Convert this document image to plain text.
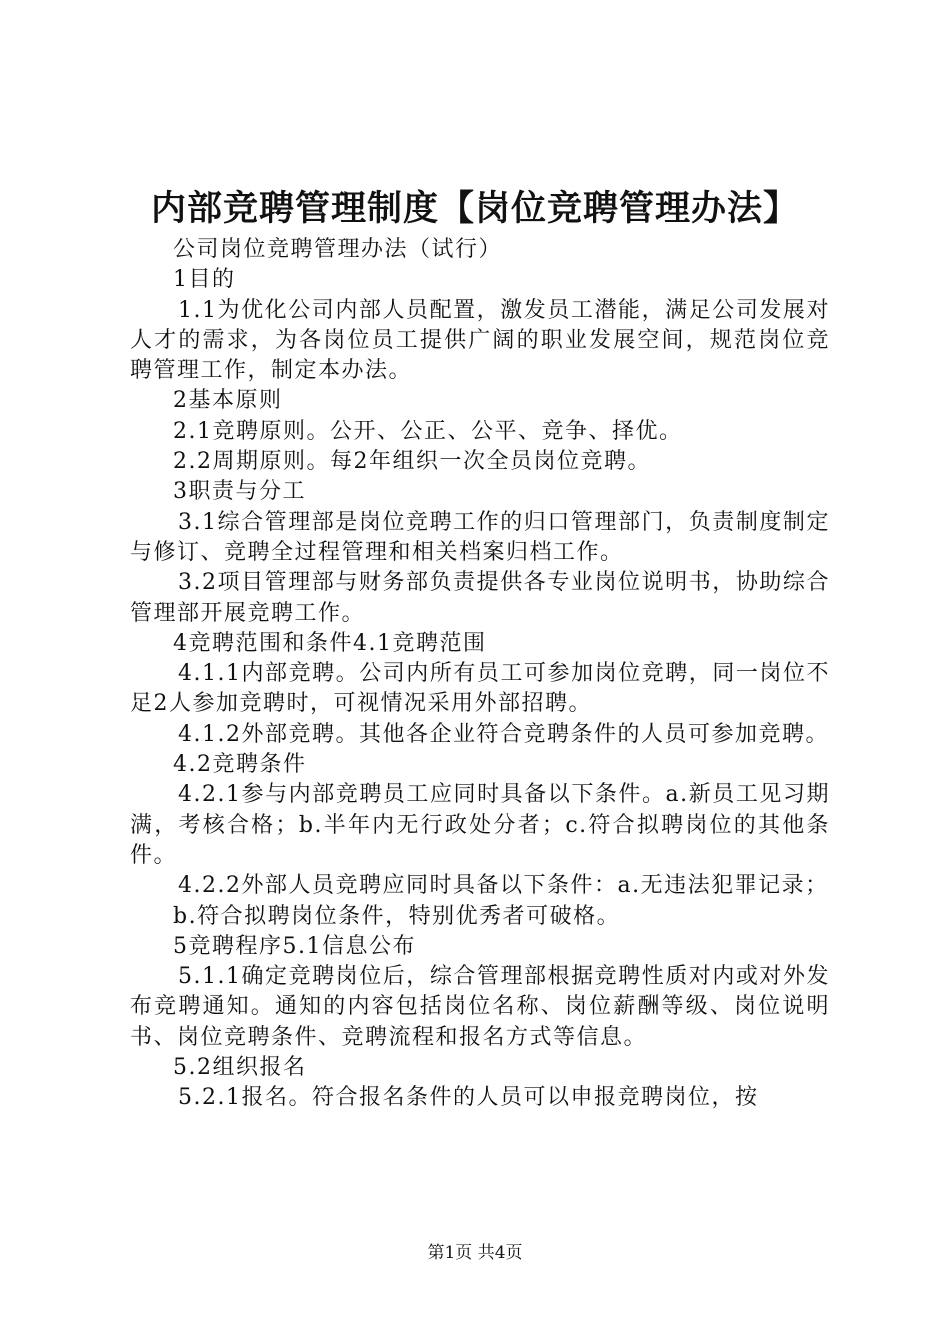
内部竞聘管理制度【岗位竞聘管理办法】

公司岗位竞聘管理办法（试行）

1目的

1.1为优化公司内部人员配置，激发员工潜能，满足公司发展对人才的需求，为各岗位员工提供广阔的职业发展空间，规范岗位竞聘管理工作，制定本办法。

2基本原则

2.1竞聘原则。公开、公正、公平、竞争、择优。

2.2周期原则。每2年组织一次全员岗位竞聘。

3职责与分工

3.1综合管理部是岗位竞聘工作的归口管理部门，负责制度制定与修订、竞聘全过程管理和相关档案归档工作。

3.2项目管理部与财务部负责提供各专业岗位说明书，协助综合管理部开展竞聘工作。

4竞聘范围和条件4.1竞聘范围

4.1.1内部竞聘。公司内所有员工可参加岗位竞聘，同一岗位不足2人参加竞聘时，可视情况采用外部招聘。

4.1.2外部竞聘。其他各企业符合竞聘条件的人员可参加竞聘。

4.2竞聘条件

4.2.1参与内部竞聘员工应同时具备以下条件。a.新员工见习期满，考核合格；b.半年内无行政处分者；c.符合拟聘岗位的其他条件。

4.2.2外部人员竞聘应同时具备以下条件：a.无违法犯罪记录；

b.符合拟聘岗位条件，特别优秀者可破格。

5竞聘程序5.1信息公布

5.1.1确定竞聘岗位后，综合管理部根据竞聘性质对内或对外发布竞聘通知。通知的内容包括岗位名称、岗位薪酬等级、岗位说明书、岗位竞聘条件、竞聘流程和报名方式等信息。

5.2组织报名

5.2.1报名。符合报名条件的人员可以申报竞聘岗位，按

第1页 共4页
